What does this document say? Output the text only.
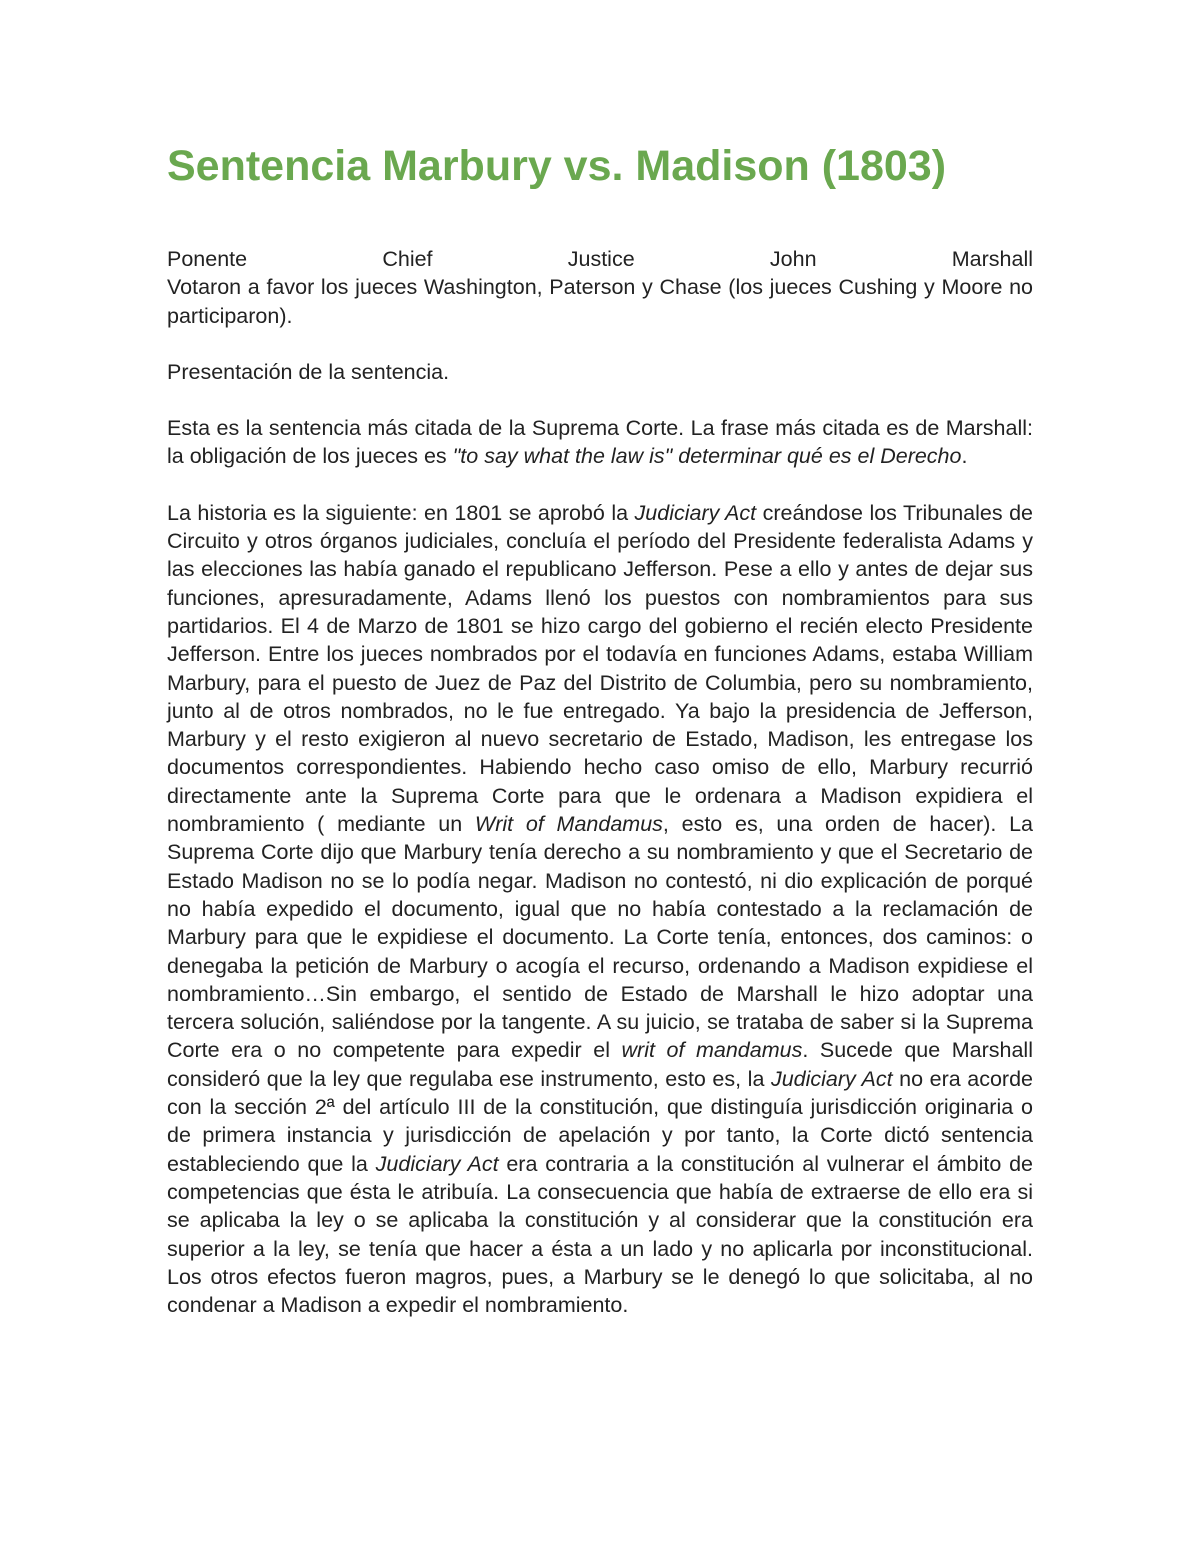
Sentencia Marbury vs. Madison (1803)

Ponente Chief Justice John Marshall

Votaron a favor los jueces Washington, Paterson y Chase (los jueces Cushing y Moore no participaron).

Presentación de la sentencia.

Esta es la sentencia más citada de la Suprema Corte. La frase más citada es de Marshall: la obligación de los jueces es "to say what the law is" determinar qué es el Derecho.

La historia es la siguiente: en 1801 se aprobó la Judiciary Act creándose los Tribunales de Circuito y otros órganos judiciales, concluía el período del Presidente federalista Adams y las elecciones las había ganado el republicano Jefferson. Pese a ello y antes de dejar sus funciones, apresuradamente, Adams llenó los puestos con nombramientos para sus partidarios. El 4 de Marzo de 1801 se hizo cargo del gobierno el recién electo Presidente Jefferson. Entre los jueces nombrados por el todavía en funciones Adams, estaba William Marbury, para el puesto de Juez de Paz del Distrito de Columbia, pero su nombramiento, junto al de otros nombrados, no le fue entregado. Ya bajo la presidencia de Jefferson, Marbury y el resto exigieron al nuevo secretario de Estado, Madison, les entregase los documentos correspondientes. Habiendo hecho caso omiso de ello, Marbury recurrió directamente ante la Suprema Corte para que le ordenara a Madison expidiera el nombramiento ( mediante un Writ of Mandamus, esto es, una orden de hacer). La Suprema Corte dijo que Marbury tenía derecho a su nombramiento y que el Secretario de Estado Madison no se lo podía negar. Madison no contestó, ni dio explicación de porqué no había expedido el documento, igual que no había contestado a la reclamación de Marbury para que le expidiese el documento. La Corte tenía, entonces, dos caminos: o denegaba la petición de Marbury o acogía el recurso, ordenando a Madison expidiese el nombramiento…Sin embargo, el sentido de Estado de Marshall le hizo adoptar una tercera solución, saliéndose por la tangente. A su juicio, se trataba de saber si la Suprema Corte era o no competente para expedir el writ of mandamus. Sucede que Marshall consideró que la ley que regulaba ese instrumento, esto es, la Judiciary Act no era acorde con la sección 2ª del artículo III de la constitución, que distinguía jurisdicción originaria o de primera instancia y jurisdicción de apelación y por tanto, la Corte dictó sentencia estableciendo que la Judiciary Act era contraria a la constitución al vulnerar el ámbito de competencias que ésta le atribuía. La consecuencia que había de extraerse de ello era si se aplicaba la ley o se aplicaba la constitución y al considerar que la constitución era superior a la ley, se tenía que hacer a ésta a un lado y no aplicarla por inconstitucional. Los otros efectos fueron magros, pues, a Marbury se le denegó lo que solicitaba, al no condenar a Madison a expedir el nombramiento.
